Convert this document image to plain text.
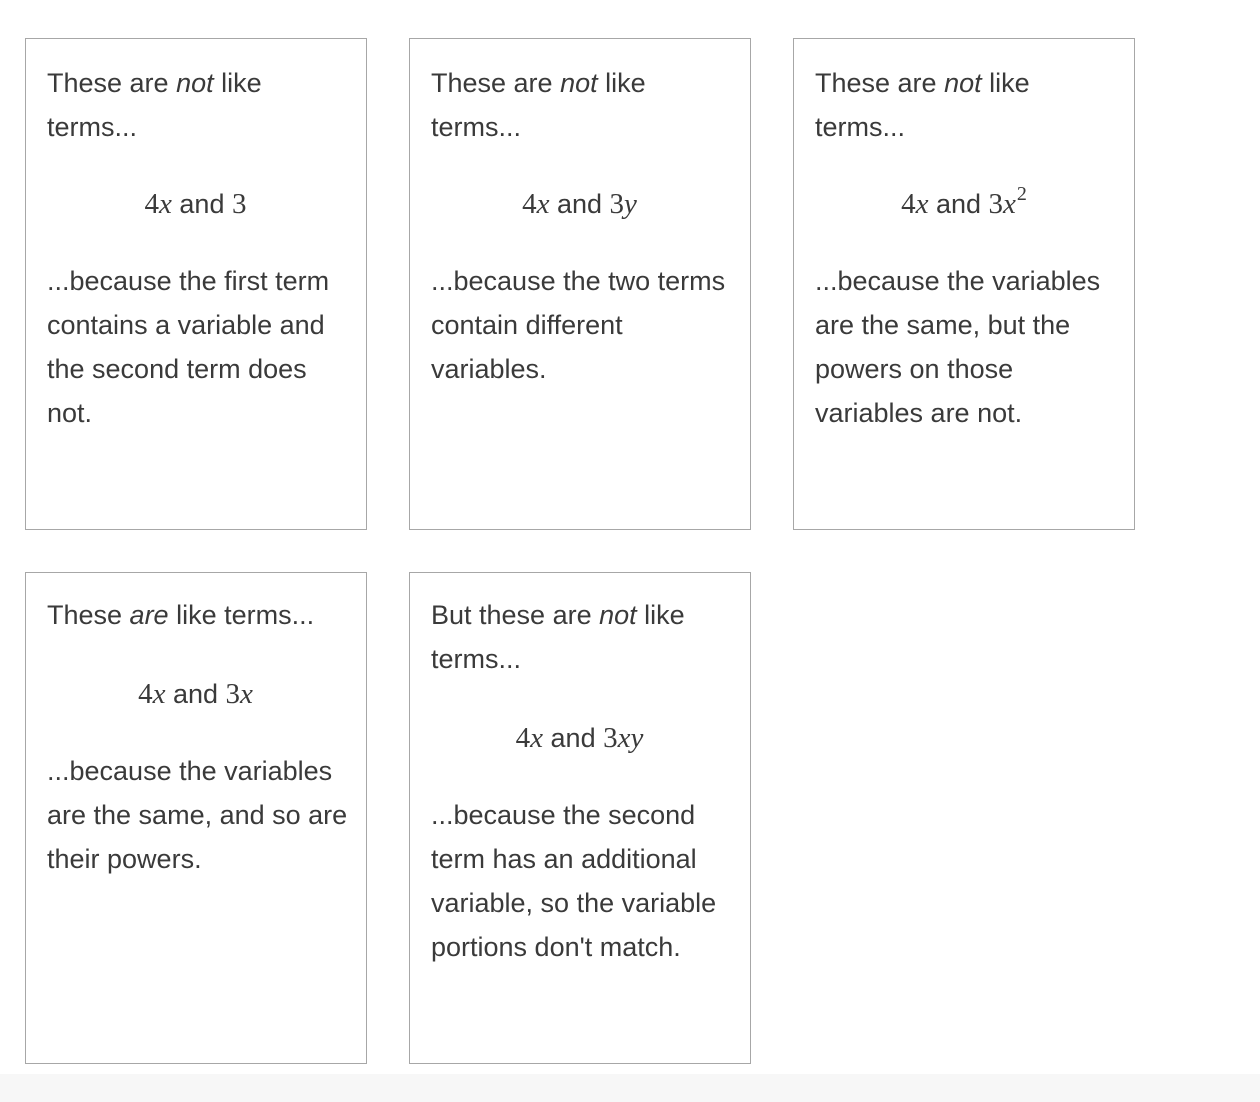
These are not like terms...

4x and 3

...because the first term contains a variable and the second term does not.

These are not like terms...

4x and 3y

...because the two terms contain different variables.

These are not like terms...

4x and $3x^2$

...because the variables are the same, but the powers on those variables are not.

These are like terms...

4x and 3x

...because the variables are the same, and so are their powers.

But these are not like terms...

4x and 3xy

...because the second term has an additional variable, so the variable portions don't match.
